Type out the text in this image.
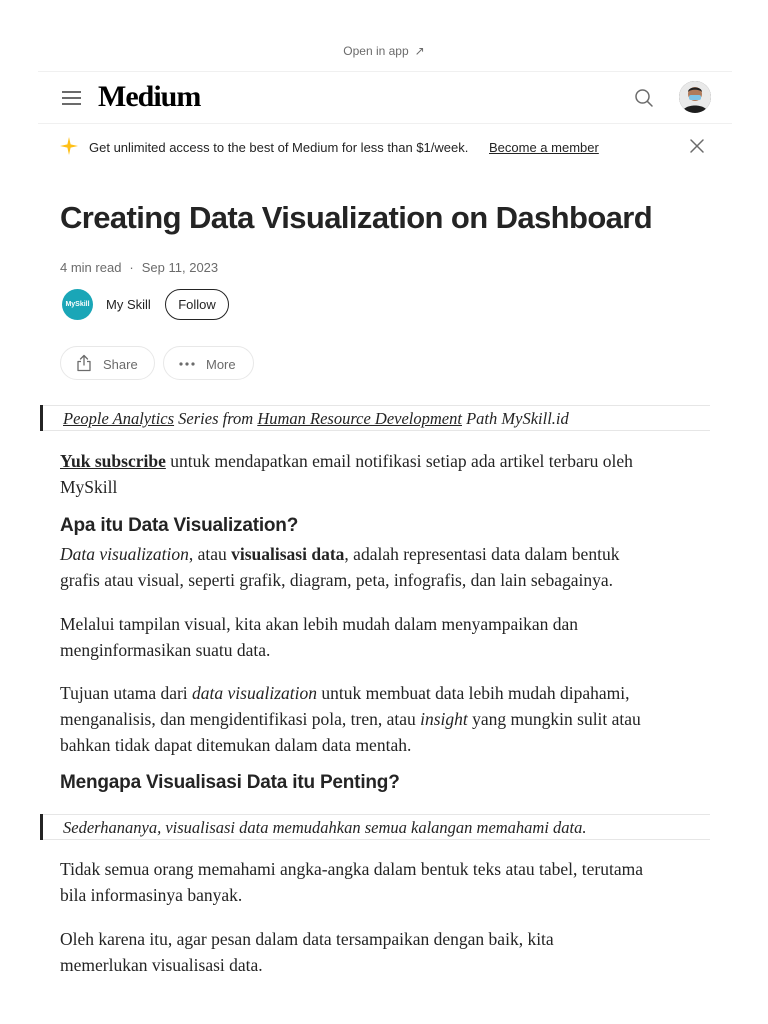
Open in app ↗
Medium
Get unlimited access to the best of Medium for less than $1/week. Become a member
Creating Data Visualization on Dashboard
4 min read · Sep 11, 2023
MySkill My Skill	Follow
Share	More
People Analytics Series from Human Resource Development Path MySkill.id
Yuk subscribe untuk mendapatkan email notifikasi setiap ada artikel terbaru oleh
MySkill
Apa itu Data Visualization?
Data visualization, atau visualisasi data, adalah representasi data dalam bentuk
grafis atau visual, seperti grafik, diagram, peta, infografis, dan lain sebagainya.
Melalui tampilan visual, kita akan lebih mudah dalam menyampaikan dan
menginformasikan suatu data.
Tujuan utama dari data visualization untuk membuat data lebih mudah dipahami,
menganalisis, dan mengidentifikasi pola, tren, atau insight yang mungkin sulit atau
bahkan tidak dapat ditemukan dalam data mentah.
Mengapa Visualisasi Data itu Penting?
Sederhananya, visualisasi data memudahkan semua kalangan memahami data.
Tidak semua orang memahami angka-angka dalam bentuk teks atau tabel, terutama
bila informasinya banyak.
Oleh karena itu, agar pesan dalam data tersampaikan dengan baik, kita
memerlukan visualisasi data.
